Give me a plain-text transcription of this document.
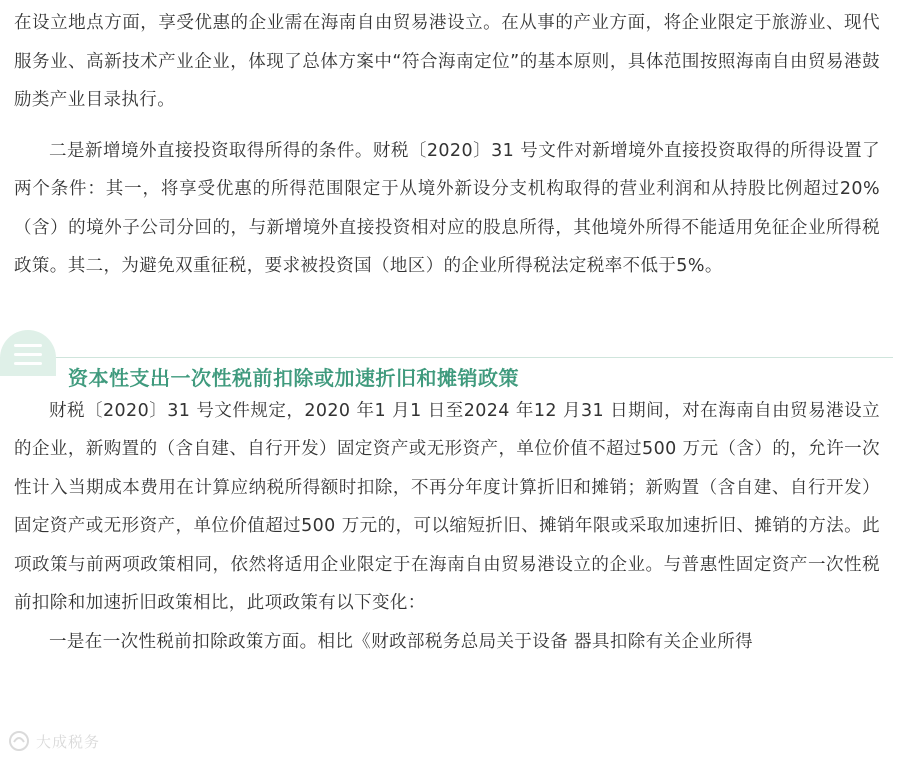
在设立地点方面，享受优惠的企业需在海南自由贸易港设立。在从事的产业方面，将企业限定于旅游业、现代服务业、高新技术产业企业，体现了总体方案中“符合海南定位”的基本原则，具体范围按照海南自由贸易港鼓励类产业目录执行。

二是新增境外直接投资取得所得的条件。财税〔2020〕31 号文件对新增境外直接投资取得的所得设置了两个条件：其一，将享受优惠的所得范围限定于从境外新设分支机构取得的营业利润和从持股比例超过20%（含）的境外子公司分回的，与新增境外直接投资相对应的股息所得，其他境外所得不能适用免征企业所得税政策。其二，为避免双重征税，要求被投资国（地区）的企业所得税法定税率不低于5%。

资本性支出一次性税前扣除或加速折旧和摊销政策

财税〔2020〕31 号文件规定，2020 年1 月1 日至2024 年12 月31 日期间，对在海南自由贸易港设立的企业，新购置的（含自建、自行开发）固定资产或无形资产，单位价值不超过500 万元（含）的，允许一次性计入当期成本费用在计算应纳税所得额时扣除，不再分年度计算折旧和摊销；新购置（含自建、自行开发）固定资产或无形资产，单位价值超过500 万元的，可以缩短折旧、摊销年限或采取加速折旧、摊销的方法。此项政策与前两项政策相同，依然将适用企业限定于在海南自由贸易港设立的企业。与普惠性固定资产一次性税前扣除和加速折旧政策相比，此项政策有以下变化：

一是在一次性税前扣除政策方面。相比《财政部税务总局关于设备 器具扣除有关企业所得

大成税务
